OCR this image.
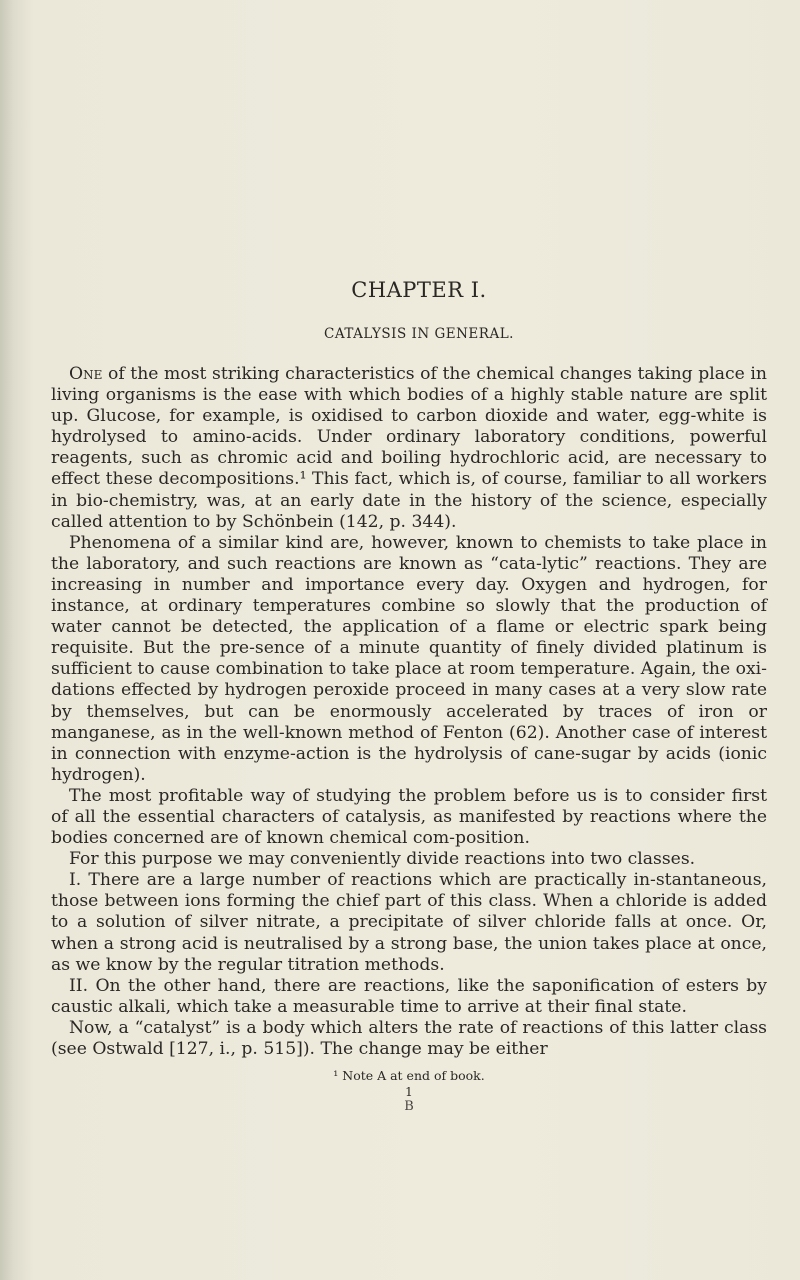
CHAPTER I.
CATALYSIS IN GENERAL.

One of the most striking characteristics of the chemical changes taking place in living organisms is the ease with which bodies of a highly stable nature are split up. Glucose, for example, is oxidised to carbon dioxide and water, egg-white is hydrolysed to amino-acids. Under ordinary laboratory conditions, powerful reagents, such as chromic acid and boiling hydrochloric acid, are necessary to effect these decompositions.¹ This fact, which is, of course, familiar to all workers in bio-chemistry, was, at an early date in the history of the science, especially called attention to by Schönbein (142, p. 344).

Phenomena of a similar kind are, however, known to chemists to take place in the laboratory, and such reactions are known as “cata-lytic” reactions. They are increasing in number and importance every day. Oxygen and hydrogen, for instance, at ordinary temperatures combine so slowly that the production of water cannot be detected, the application of a flame or electric spark being requisite. But the pre-sence of a minute quantity of finely divided platinum is sufficient to cause combination to take place at room temperature. Again, the oxi-dations effected by hydrogen peroxide proceed in many cases at a very slow rate by themselves, but can be enormously accelerated by traces of iron or manganese, as in the well-known method of Fenton (62). Another case of interest in connection with enzyme-action is the hydrolysis of cane-sugar by acids (ionic hydrogen).

The most profitable way of studying the problem before us is to consider first of all the essential characters of catalysis, as manifested by reactions where the bodies concerned are of known chemical com-position.

For this purpose we may conveniently divide reactions into two classes.

I. There are a large number of reactions which are practically in-stantaneous, those between ions forming the chief part of this class. When a chloride is added to a solution of silver nitrate, a precipitate of silver chloride falls at once. Or, when a strong acid is neutralised by a strong base, the union takes place at once, as we know by the regular titration methods.

II. On the other hand, there are reactions, like the saponification of esters by caustic alkali, which take a measurable time to arrive at their final state.

Now, a “catalyst” is a body which alters the rate of reactions of this latter class (see Ostwald [127, i., p. 515]). The change may be either

¹ Note A at end of book.
1
B
